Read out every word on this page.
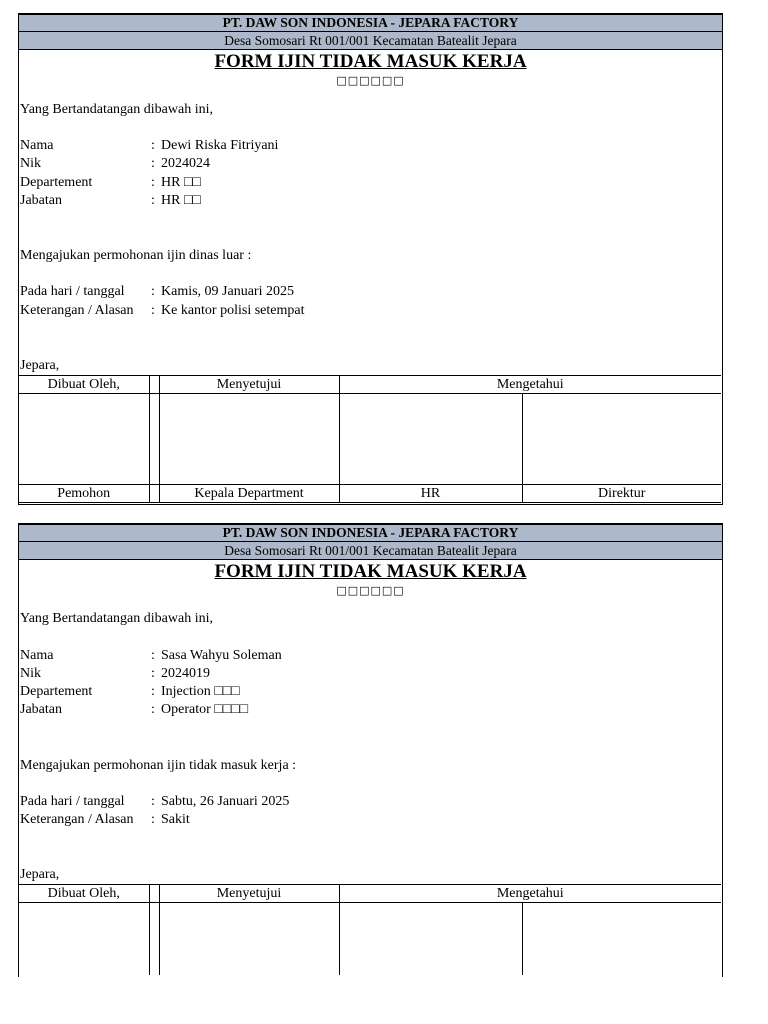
PT. DAW SON INDONESIA - JEPARA FACTORY
Desa Somosari Rt 001/001 Kecamatan Batealit Jepara
FORM IJIN TIDAK MASUK KERJA
□□□□□□
Yang Bertandatangan dibawah ini,
Nama	: Dewi Riska Fitriyani
Nik	: 2024024
Departement	: HR □□
Jabatan	: HR □□
Mengajukan permohonan ijin dinas luar :
Pada hari / tanggal : Kamis, 09 Januari 2025
Keterangan / Alasan : Ke kantor polisi setempat
Jepara,
Dibuat Oleh,		Menyetujui	Mengetahui	

Pemohon		Kepala Department	HR	Direktur
PT. DAW SON INDONESIA - JEPARA FACTORY
Desa Somosari Rt 001/001 Kecamatan Batealit Jepara
FORM IJIN TIDAK MASUK KERJA
□□□□□□
Yang Bertandatangan dibawah ini,
Nama	: Sasa Wahyu Soleman
Nik	: 2024019
Departement	: Injection □□□
Jabatan	: Operator □□□□
Mengajukan permohonan ijin tidak masuk kerja :
Pada hari / tanggal : Sabtu, 26 Januari 2025
Keterangan / Alasan : Sakit
Jepara,
Dibuat Oleh,		Menyetujui	Mengetahui	
